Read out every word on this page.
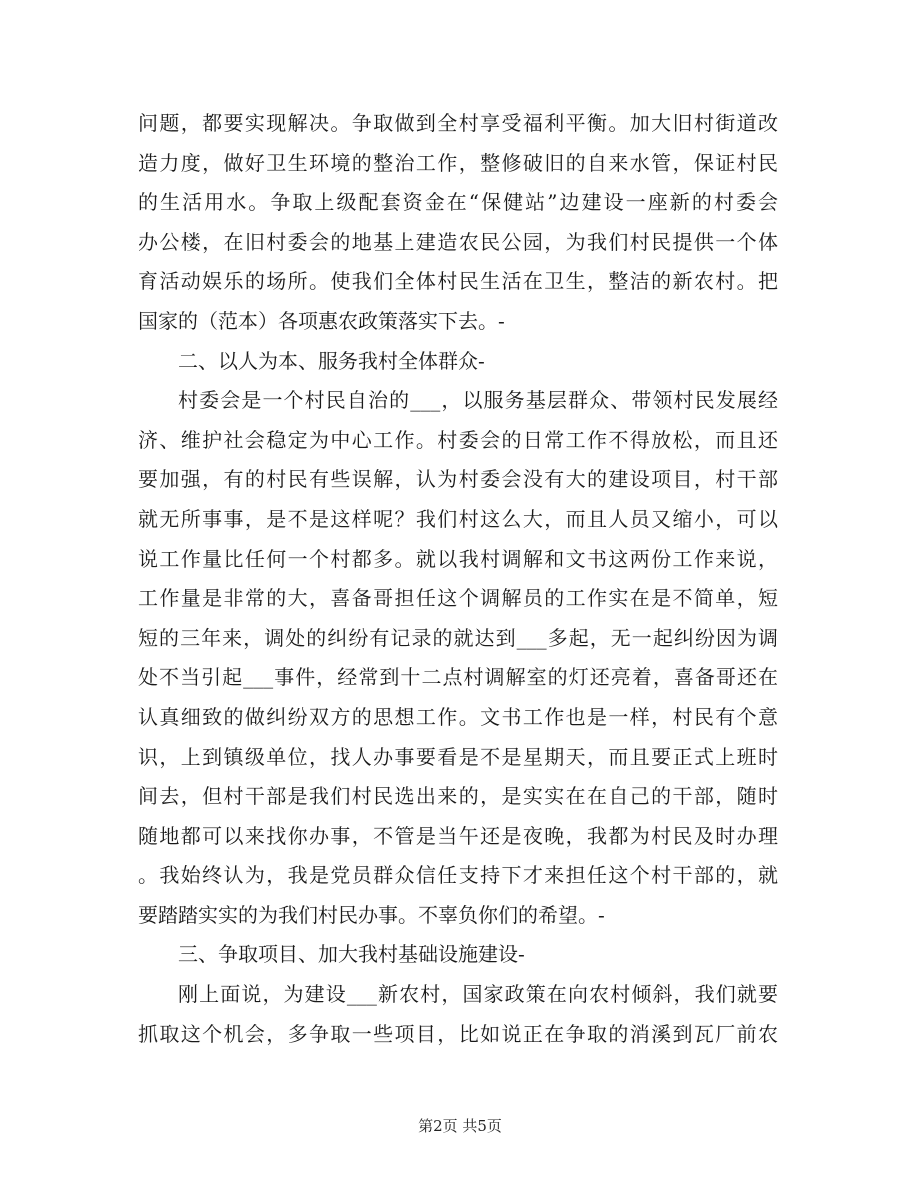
问题，都要实现解决。争取做到全村享受福利平衡。加大旧村街道改
造力度，做好卫生环境的整治工作，整修破旧的自来水管，保证村民
的生活用水。争取上级配套资金在“保健站”边建设一座新的村委会
办公楼，在旧村委会的地基上建造农民公园，为我们村民提供一个体
育活动娱乐的场所。使我们全体村民生活在卫生，整洁的新农村。把
国家的（范本）各项惠农政策落实下去。-
二、以人为本、服务我村全体群众-
村委会是一个村民自治的___，以服务基层群众、带领村民发展经
济、维护社会稳定为中心工作。村委会的日常工作不得放松，而且还
要加强，有的村民有些误解，认为村委会没有大的建设项目，村干部
就无所事事，是不是这样呢？我们村这么大，而且人员又缩小，可以
说工作量比任何一个村都多。就以我村调解和文书这两份工作来说，
工作量是非常的大，喜备哥担任这个调解员的工作实在是不简单，短
短的三年来，调处的纠纷有记录的就达到___多起，无一起纠纷因为调
处不当引起___事件，经常到十二点村调解室的灯还亮着，喜备哥还在
认真细致的做纠纷双方的思想工作。文书工作也是一样，村民有个意
识，上到镇级单位，找人办事要看是不是星期天，而且要正式上班时
间去，但村干部是我们村民选出来的，是实实在在自己的干部，随时
随地都可以来找你办事，不管是当午还是夜晚，我都为村民及时办理
。我始终认为，我是党员群众信任支持下才来担任这个村干部的，就
要踏踏实实的为我们村民办事。不辜负你们的希望。-
三、争取项目、加大我村基础设施建设-
刚上面说，为建设___新农村，国家政策在向农村倾斜，我们就要
抓取这个机会，多争取一些项目，比如说正在争取的消溪到瓦厂前农
第2页 共5页
